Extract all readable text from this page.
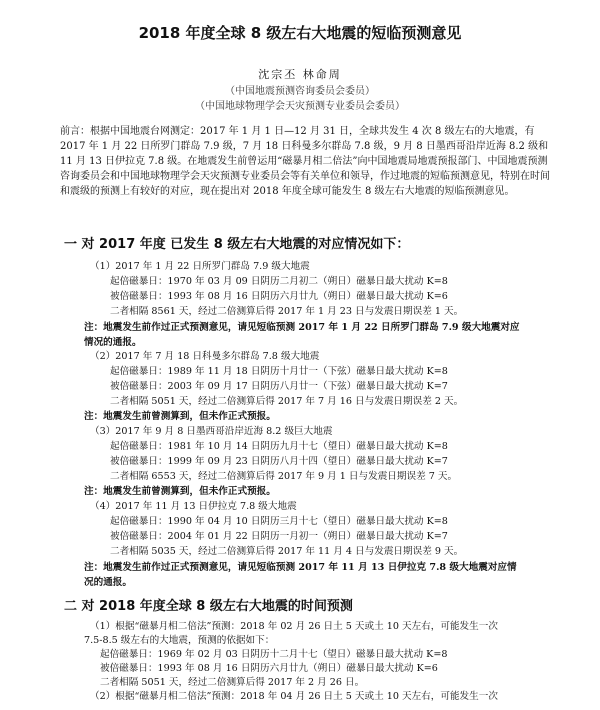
2018 年度全球 8 级左右大地震的短临预测意见
沈宗丕 林命周
（中国地震预测咨询委员会委员）
（中国地球物理学会天灾预测专业委员会委员）
前言：根据中国地震台网测定：2017 年 1 月 1 日—12 月 31 日，全球共发生 4 次 8 级左右的大地震，有 2017 年 1 月 22 日所罗门群岛 7.9 级，7 月 18 日科曼多尔群岛 7.8 级，9 月 8 日墨西哥沿岸近海 8.2 级和 11 月 13 日伊拉克 7.8 级。在地震发生前曾运用“磁暴月相二倍法”向中国地震局地震预报部门、中国地震预测咨询委员会和中国地球物理学会天灾预测专业委员会等有关单位和领导，作过地震的短临预测意见，特别在时间和震级的预测上有较好的对应，现在提出对 2018 年度全球可能发生 8 级左右大地震的短临预测意见。
一 对 2017 年度 已发生 8 级左右大地震的对应情况如下：
（1）2017 年 1 月 22 日所罗门群岛 7.9 级大地震
起倍磁暴日：1970 年 03 月 09 日阴历二月初二（朔日）磁暴日最大扰动 K=8
被倍磁暴日：1993 年 08 月 16 日阴历六月廿九（朔日）磁暴日最大扰动 K=6
二者相隔 8561 天，经过二倍测算后得 2017 年 1 月 23 日与发震日期误差 1 天。
注：地震发生前作过正式预测意见，请见短临预测 2017 年 1 月 22 日所罗门群岛 7.9 级大地震对应情况的通报。
（2）2017 年 7 月 18 日科曼多尔群岛 7.8 级大地震
起倍磁暴日：1989 年 11 月 18 日阴历十月廿一（下弦）磁暴日最大扰动 K=8
被倍磁暴日：2003 年 09 月 17 日阴历八月廿一（下弦）磁暴日最大扰动 K=7
二者相隔 5051 天，经过二倍测算后得 2017 年 7 月 16 日与发震日期误差 2 天。
注：地震发生前曾测算到，但未作正式预报。
（3）2017 年 9 月 8 日墨西哥沿岸近海 8.2 级巨大地震
起倍磁暴日：1981 年 10 月 14 日阴历九月十七（望日）磁暴日最大扰动 K=8
被倍磁暴日：1999 年 09 月 23 日阴历八月十四（望日）磁暴日最大扰动 K=7
二者相隔 6553 天，经过二倍测算后得 2017 年 9 月 1 日与发震日期误差 7 天。
注：地震发生前曾测算到，但未作正式预报。
（4）2017 年 11 月 13 日伊拉克 7.8 级大地震
起倍磁暴日：1990 年 04 月 10 日阴历三月十七（望日）磁暴日最大扰动 K=8
被倍磁暴日：2004 年 01 月 22 日阴历一月初一（朔日）磁暴日最大扰动 K=7
二者相隔 5035 天，经过二倍测算后得 2017 年 11 月 4 日与发震日期误差 9 天。
注：地震发生前作过正式预测意见，请见短临预测 2017 年 11 月 13 日伊拉克 7.8 级大地震对应情况的通报。
二 对 2018 年度全球 8 级左右大地震的时间预测
（1）根据“磁暴月相二倍法”预测：2018 年 02 月 26 日土 5 天或土 10 天左右，可能发生一次
7.5-8.5 级左右的大地震，预测的依据如下：
起倍磁暴日：1969 年 02 月 03 日阴历十二月十七（望日）磁暴日最大扰动 K=8
被倍磁暴日：1993 年 08 月 16 日阴历六月廿九（朔日）磁暴日最大扰动 K=6
二者相隔 5051 天，经过二倍测算后得 2017 年 2 月 26 日。
（2）根据“磁暴月相二倍法”预测：2018 年 04 月 26 日土 5 天或土 10 天左右，可能发生一次
